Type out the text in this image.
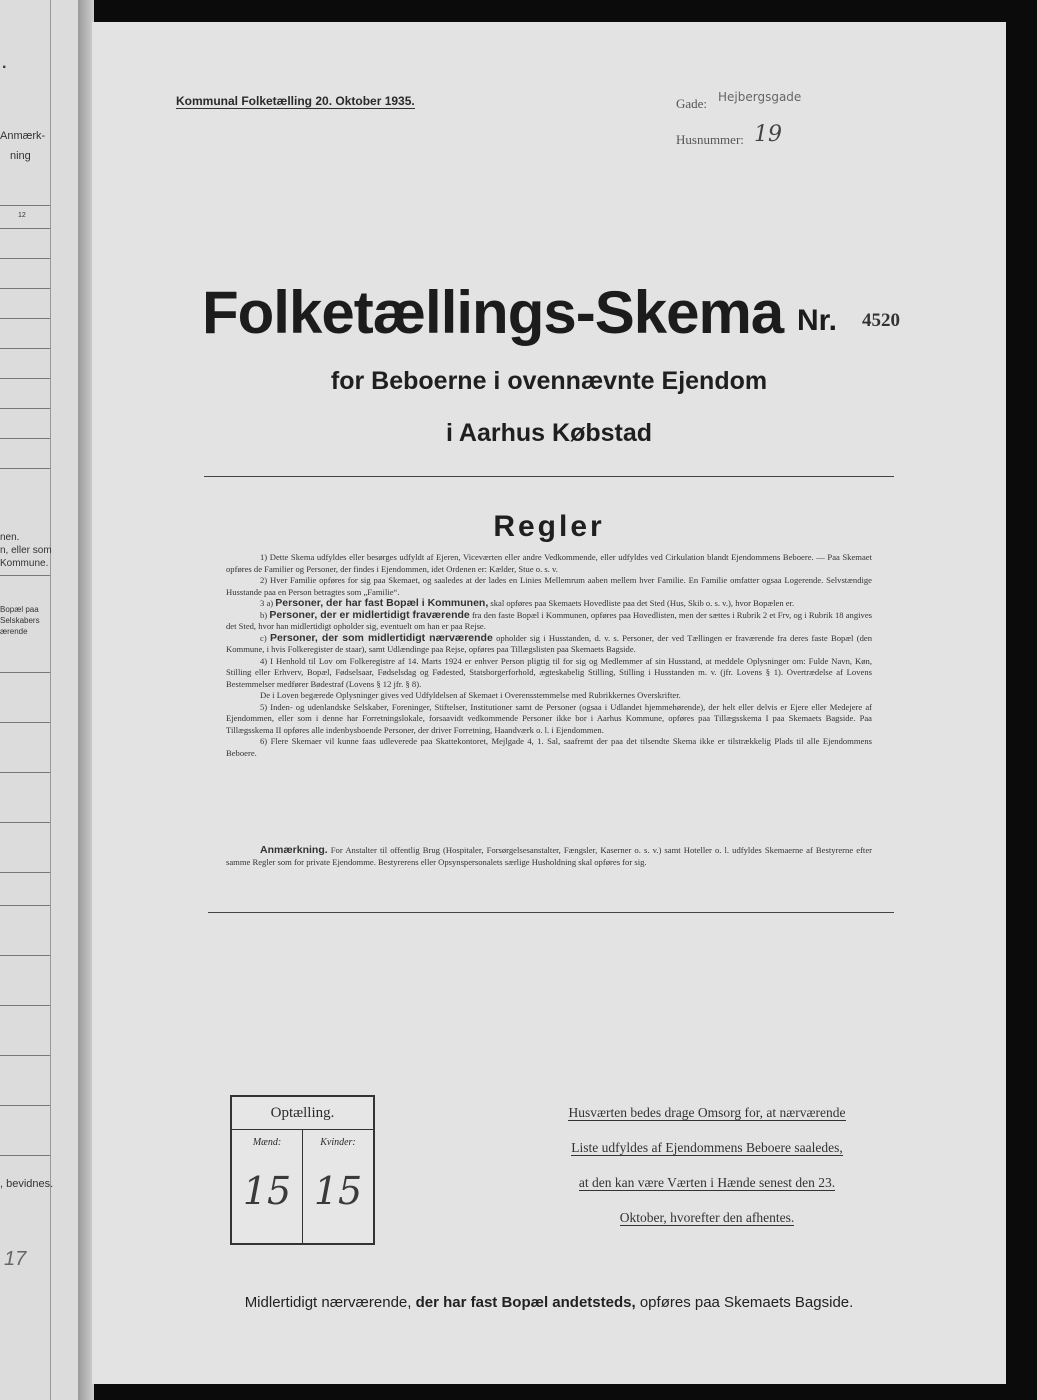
.
Anmærk-
ning
12
nen.
n, eller som
Kommune.
Bopæl paa
Selskabers
ærende
, bevidnes.
17
Kommunal Folketælling 20. Oktober 1935.	Gade: Hejbergsgade
Husnummer: 19
Folketællings-Skema Nr. 4520
for Beboerne i ovennævnte Ejendom
i Aarhus Købstad
Regler

1) Dette Skema udfyldes eller besørges udfyldt af Ejeren, Viceværten eller andre Vedkommende, eller udfyldes ved Cirkulation blandt Ejendommens Beboere. — Paa Skemaet opføres de Familier og Personer, der findes i Ejendommen, idet Ordenen er: Kælder, Stue o. s. v.

2) Hver Familie opføres for sig paa Skemaet, og saaledes at der lades en Linies Mellemrum aaben mellem hver Familie. En Familie omfatter ogsaa Logerende. Selvstændige Husstande paa en Person betragtes som „Familie“.

3 a) Personer, der har fast Bopæl i Kommunen, skal opføres paa Skemaets Hovedliste paa det Sted (Hus, Skib o. s. v.), hvor Bopælen er.

b) Personer, der er midlertidigt fraværende fra den faste Bopæl i Kommunen, opføres paa Hovedlisten, men der sættes i Rubrik 2 et Frv, og i Rubrik 18 angives det Sted, hvor han midlertidigt opholder sig, eventuelt om han er paa Rejse.

c) Personer, der som midlertidigt nærværende opholder sig i Husstanden, d. v. s. Personer, der ved Tællingen er fraværende fra deres faste Bopæl (den Kommune, i hvis Folkeregister de staar), samt Udlændinge paa Rejse, opføres paa Tillægslisten paa Skemaets Bagside.

4) I Henhold til Lov om Folkeregistre af 14. Marts 1924 er enhver Person pligtig til for sig og Medlemmer af sin Husstand, at meddele Oplysninger om: Fulde Navn, Køn, Stilling eller Erhverv, Bopæl, Fødselsaar, Fødselsdag og Fødested, Statsborgerforhold, ægteskabelig Stilling, Stilling i Husstanden m. v. (jfr. Lovens § 1). Overtrædelse af Lovens Bestemmelser medfører Bødestraf (Lovens § 12 jfr. § 8).

De i Loven begærede Oplysninger gives ved Udfyldelsen af Skemaet i Overensstemmelse med Rubrikkernes Overskrifter.

5) Inden- og udenlandske Selskaber, Foreninger, Stiftelser, Institutioner samt de Personer (ogsaa i Udlandet hjemmehørende), der helt eller delvis er Ejere eller Medejere af Ejendommen, eller som i denne har Forretningslokale, forsaavidt vedkommende Personer ikke bor i Aarhus Kommune, opføres paa Tillægsskema I paa Skemaets Bagside. Paa Tillægsskema II opføres alle indenbysboende Personer, der driver Forretning, Haandværk o. l. i Ejendommen.

6) Flere Skemaer vil kunne faas udleverede paa Skattekontoret, Mejlgade 4, 1. Sal, saafremt der paa det tilsendte Skema ikke er tilstrækkelig Plads til alle Ejendommens Beboere.

Anmærkning. For Anstalter til offentlig Brug (Hospitaler, Forsørgelsesanstalter, Fængsler, Kaserner o. s. v.) samt Hoteller o. l. udfyldes Skemaerne af Bestyrerne efter samme Regler som for private Ejendomme. Bestyrerens eller Opsynspersonalets særlige Husholdning skal opføres for sig.

Optælling.
Mænd:
15
Kvinder:
15
Husværten bedes drage Omsorg for, at nærværende
Liste udfyldes af Ejendommens Beboere saaledes,
at den kan være Værten i Hænde senest den 23.
Oktober, hvorefter den afhentes.
Midlertidigt nærværende, der har fast Bopæl andetsteds, opføres paa Skemaets Bagside.
